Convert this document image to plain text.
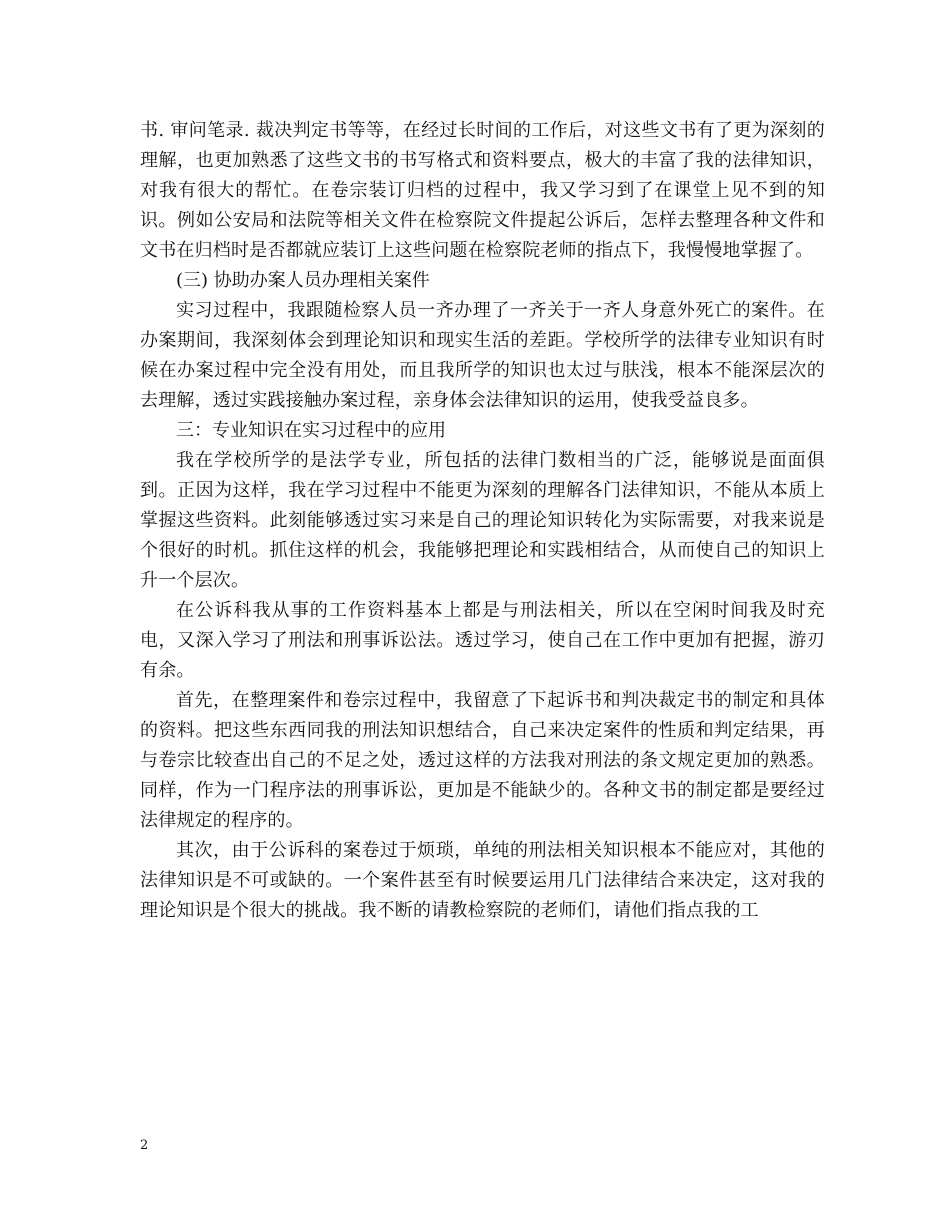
书. 审问笔录. 裁决判定书等等，在经过长时间的工作后，对这些文书有了更为深刻的理解，也更加熟悉了这些文书的书写格式和资料要点，极大的丰富了我的法律知识，对我有很大的帮忙。在卷宗装订归档的过程中，我又学习到了在课堂上见不到的知识。例如公安局和法院等相关文件在检察院文件提起公诉后，怎样去整理各种文件和文书在归档时是否都就应装订上这些问题在检察院老师的指点下，我慢慢地掌握了。

(三) 协助办案人员办理相关案件

实习过程中，我跟随检察人员一齐办理了一齐关于一齐人身意外死亡的案件。在办案期间，我深刻体会到理论知识和现实生活的差距。学校所学的法律专业知识有时候在办案过程中完全没有用处，而且我所学的知识也太过与肤浅，根本不能深层次的去理解，透过实践接触办案过程，亲身体会法律知识的运用，使我受益良多。

三：专业知识在实习过程中的应用

我在学校所学的是法学专业，所包括的法律门数相当的广泛，能够说是面面俱到。正因为这样，我在学习过程中不能更为深刻的理解各门法律知识，不能从本质上掌握这些资料。此刻能够透过实习来是自己的理论知识转化为实际需要，对我来说是个很好的时机。抓住这样的机会，我能够把理论和实践相结合，从而使自己的知识上升一个层次。

在公诉科我从事的工作资料基本上都是与刑法相关，所以在空闲时间我及时充电，又深入学习了刑法和刑事诉讼法。透过学习，使自己在工作中更加有把握，游刃有余。

首先，在整理案件和卷宗过程中，我留意了下起诉书和判决裁定书的制定和具体的资料。把这些东西同我的刑法知识想结合，自己来决定案件的性质和判定结果，再与卷宗比较查出自己的不足之处，透过这样的方法我对刑法的条文规定更加的熟悉。同样，作为一门程序法的刑事诉讼，更加是不能缺少的。各种文书的制定都是要经过法律规定的程序的。

其次，由于公诉科的案卷过于烦琐，单纯的刑法相关知识根本不能应对，其他的法律知识是不可或缺的。一个案件甚至有时候要运用几门法律结合来决定，这对我的理论知识是个很大的挑战。我不断的请教检察院的老师们，请他们指点我的工

2
